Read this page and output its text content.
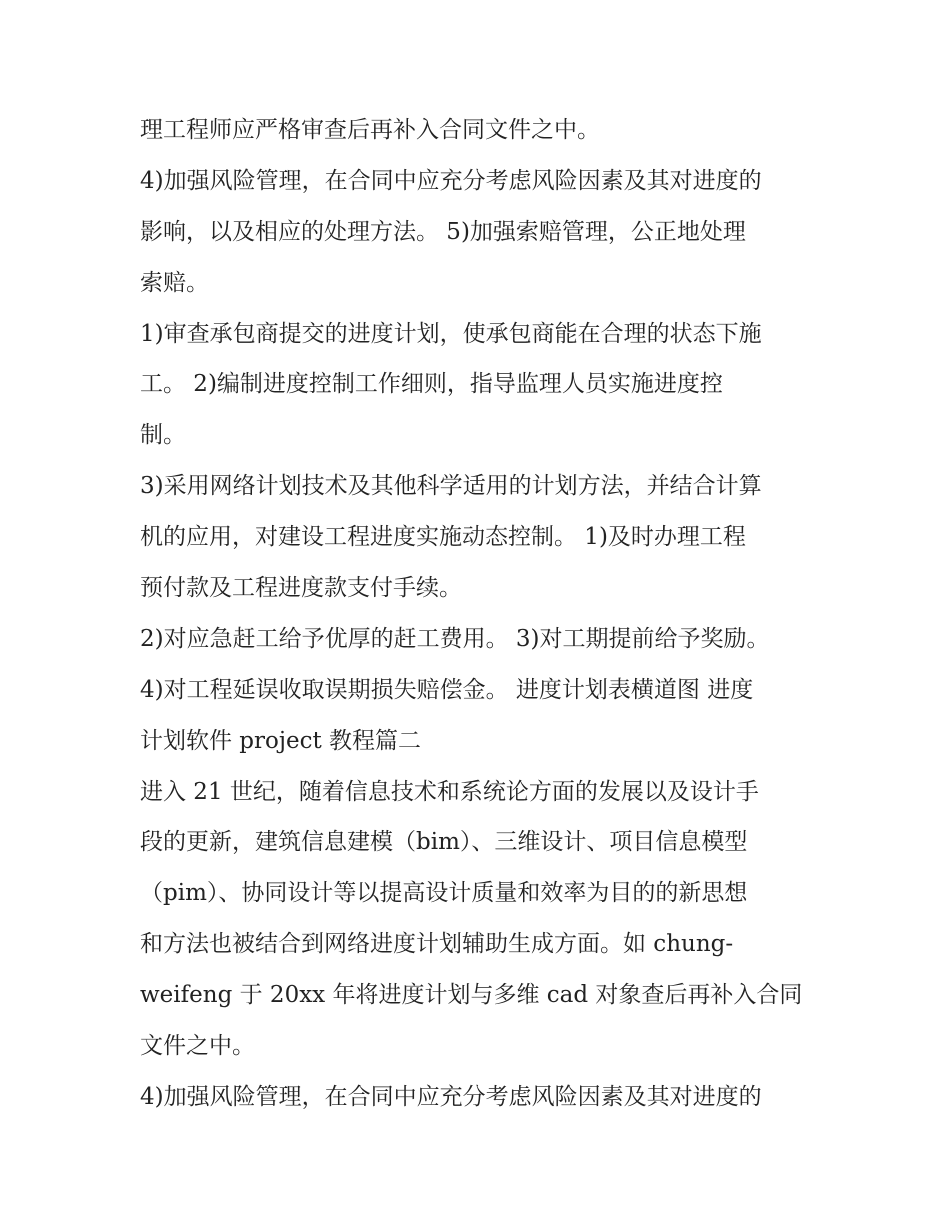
理工程师应严格审查后再补入合同文件之中。
4)加强风险管理，在合同中应充分考虑风险因素及其对进度的
影响，以及相应的处理方法。 5)加强索赔管理，公正地处理
索赔。
1)审查承包商提交的进度计划，使承包商能在合理的状态下施
工。 2)编制进度控制工作细则，指导监理人员实施进度控
制。
3)采用网络计划技术及其他科学适用的计划方法，并结合计算
机的应用，对建设工程进度实施动态控制。 1)及时办理工程
预付款及工程进度款支付手续。
2)对应急赶工给予优厚的赶工费用。 3)对工期提前给予奖励。
4)对工程延误收取误期损失赔偿金。 进度计划表横道图 进度
计划软件 project 教程篇二
进入 21 世纪，随着信息技术和系统论方面的发展以及设计手
段的更新，建筑信息建模（bim）、三维设计、项目信息模型
（pim）、协同设计等以提高设计质量和效率为目的的新思想
和方法也被结合到网络进度计划辅助生成方面。如 chung-
weifeng 于 20xx 年将进度计划与多维 cad 对象查后再补入合同
文件之中。
4)加强风险管理，在合同中应充分考虑风险因素及其对进度的
